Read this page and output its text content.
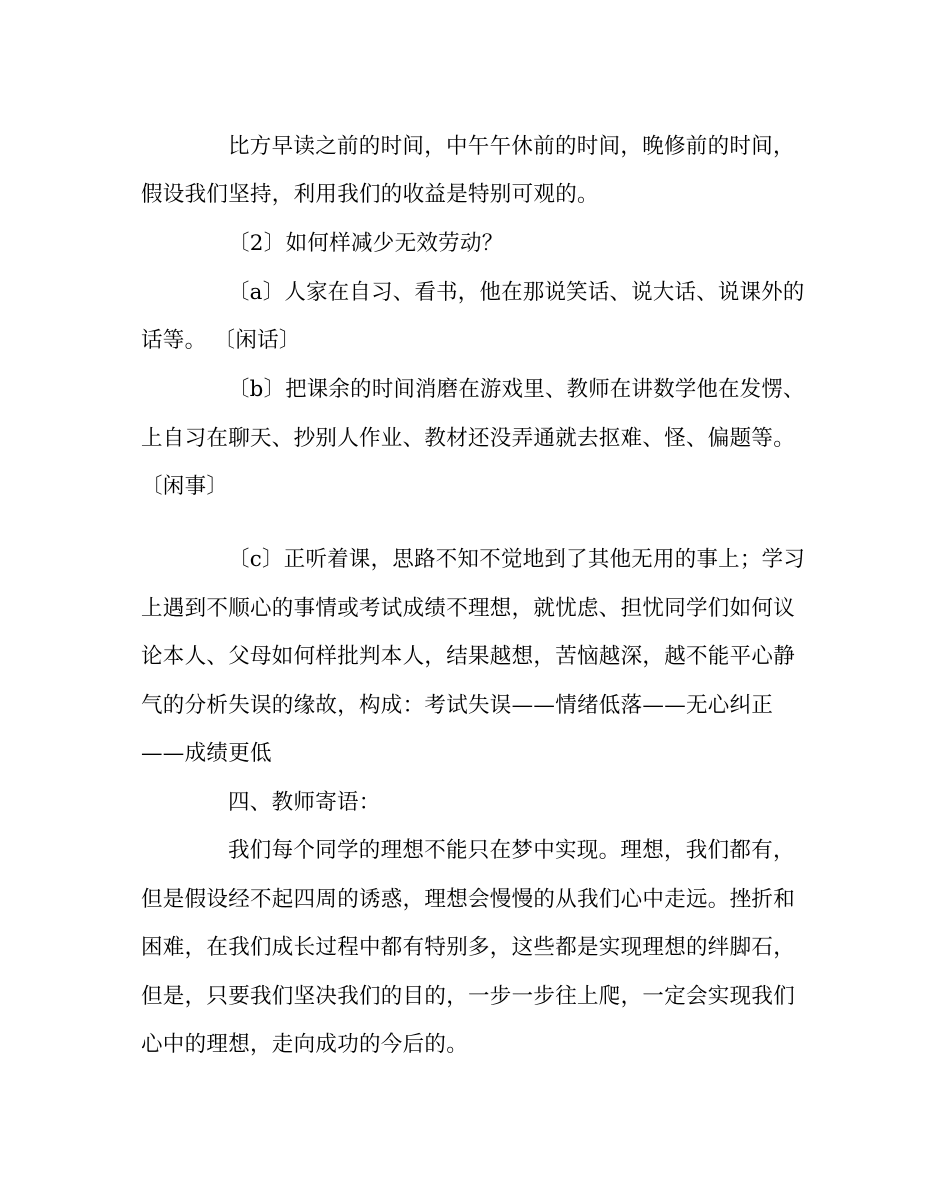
比方早读之前的时间，中午午休前的时间，晚修前的时间，
假设我们坚持，利用我们的收益是特别可观的。
〔2〕如何样减少无效劳动？
〔a〕人家在自习、看书，他在那说笑话、说大话、说课外的
话等。 〔闲话〕
〔b〕把课余的时间消磨在游戏里、教师在讲数学他在发愣、
上自习在聊天、抄别人作业、教材还没弄通就去抠难、怪、偏题等。
〔闲事〕
〔c〕正听着课，思路不知不觉地到了其他无用的事上；学习
上遇到不顺心的事情或考试成绩不理想，就忧虑、担忧同学们如何议
论本人、父母如何样批判本人，结果越想，苦恼越深，越不能平心静
气的分析失误的缘故，构成：考试失误——情绪低落——无心纠正
——成绩更低
四、教师寄语：
我们每个同学的理想不能只在梦中实现。理想，我们都有，
但是假设经不起四周的诱惑，理想会慢慢的从我们心中走远。挫折和
困难，在我们成长过程中都有特别多，这些都是实现理想的绊脚石，
但是，只要我们坚决我们的目的，一步一步往上爬，一定会实现我们
心中的理想，走向成功的今后的。
